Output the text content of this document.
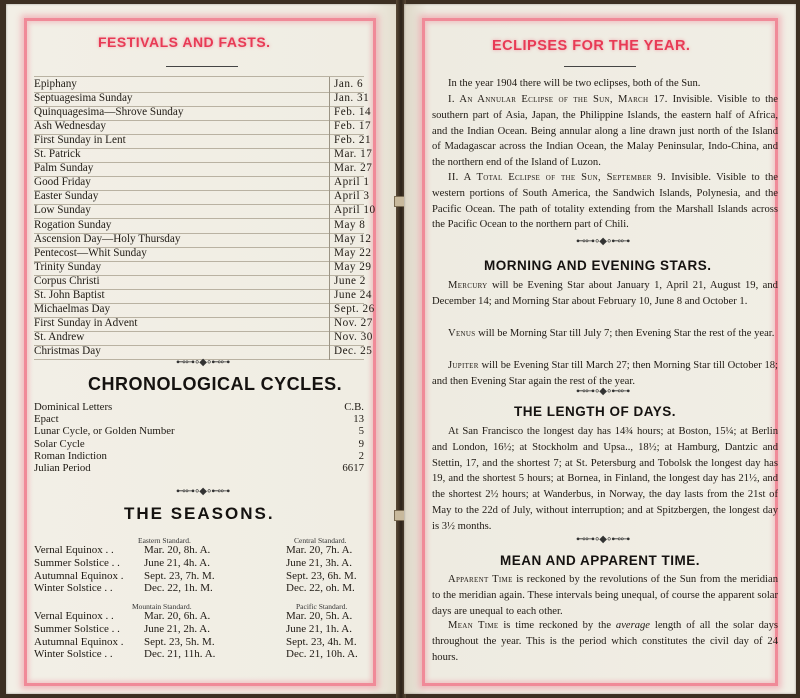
FESTIVALS AND FASTS.
Epiphany	Jan. 6
Septuagesima Sunday	Jan. 31
Quinquagesima—Shrove Sunday	Feb. 14
Ash Wednesday	Feb. 17
First Sunday in Lent	Feb. 21
St. Patrick	Mar. 17
Palm Sunday	Mar. 27
Good Friday	April 1
Easter Sunday	April 3
Low Sunday	April 10
Rogation Sunday	May 8
Ascension Day—Holy Thursday	May 12
Pentecost—Whit Sunday	May 22
Trinity Sunday	May 29
Corpus Christi	June 2
St. John Baptist	June 24
Michaelmas Day	Sept. 26
First Sunday in Advent	Nov. 27
St. Andrew	Nov. 30
Christmas Day	Dec. 25
⊷⊶∘◆∘⊷⊶
CHRONOLOGICAL CYCLES.
Dominical Letters	C.B.
Epact	13
Lunar Cycle, or Golden Number	5
Solar Cycle	9
Roman Indiction	2
Julian Period	6617
⊷⊶∘◆∘⊷⊶
THE SEASONS.
Eastern Standard.	Central Standard.
Vernal Equinox . .	Mar. 20, 8h. A.	Mar. 20, 7h. A.
Summer Solstice . . June 21, 4h. A.	June 21, 3h. A.
Autumnal Equinox . Sept. 23, 7h. M.	Sept. 23, 6h. M.
Winter Solstice . .	Dec. 22, 1h. M.	Dec. 22, oh. M.
Mountain Standard.	Pacific Standard.
Vernal Equinox . .	Mar. 20, 6h. A.	Mar. 20, 5h. A.
Summer Solstice . . June 21, 2h. A.	June 21, 1h. A.
Autumnal Equinox . Sept. 23, 5h. M.	Sept. 23, 4h. M.
Winter Solstice . .	Dec. 21, 11h. A.	Dec. 21, 10h. A.
ECLIPSES FOR THE YEAR.
In the year 1904 there will be two eclipses, both of the Sun.
I. An Annular Eclipse of the Sun, March 17. Invisible. Visible to the southern part of Asia, Japan, the Philippine Islands, the eastern half of Africa, and the Indian Ocean. Being annular along a line drawn just north of the Island of Madagascar across the Indian Ocean, the Malay Peninsular, Indo-China, and the northern end of the Island of Luzon.
II. A Total Eclipse of the Sun, September 9. Invisible. Visible to the western portions of South America, the Sandwich Islands, Polynesia, and the Pacific Ocean. The path of totality extending from the Marshall Islands across the Pacific Ocean to the northern part of Chili.
⊷⊶∘◆∘⊷⊶
MORNING AND EVENING STARS.
Mercury will be Evening Star about January 1, April 21, August 19, and December 14; and Morning Star about February 10, June 8 and October 1.
Venus will be Morning Star till July 7; then Evening Star the rest of the year.
Jupiter will be Evening Star till March 27; then Morning Star till October 18; and then Evening Star again the rest of the year.
⊷⊶∘◆∘⊷⊶
THE LENGTH OF DAYS.
At San Francisco the longest day has 14¾ hours; at Boston, 15¼; at Berlin and London, 16½; at Stockholm and Upsa.., 18½; at Hamburg, Dantzic and Stettin, 17, and the shortest 7; at St. Petersburg and Tobolsk the longest day has 19, and the shortest 5 hours; at Bornea, in Finland, the longest day has 21½, and the shortest 2½ hours; at Wanderbus, in Norway, the day lasts from the 21st of May to the 22d of July, without interruption; and at Spitzbergen, the longest day is 3½ months.
⊷⊶∘◆∘⊷⊶
MEAN AND APPARENT TIME.
Apparent Time is reckoned by the revolutions of the Sun from the meridian to the meridian again. These intervals being unequal, of course the apparent solar days are unequal to each other.
Mean Time is time reckoned by the average length of all the solar days throughout the year. This is the period which constitutes the civil day of 24 hours.
